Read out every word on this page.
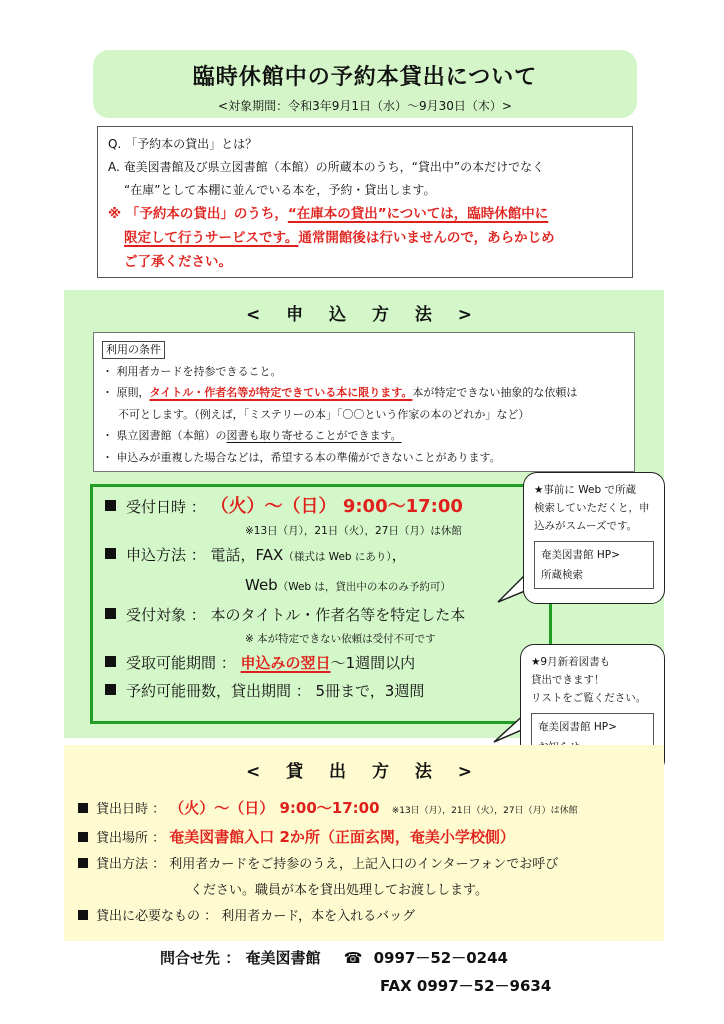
臨時休館中の予約本貸出について
<対象期間：令和3年9月1日（水）～9月30日（木）>
Q. 「予約本の貸出」とは？
A. 奄美図書館及び県立図書館（本館）の所蔵本のうち，“貸出中”の本だけでなく
“在庫”として本棚に並んでいる本を，予約・貸出します。
※ 「予約本の貸出」のうち，“在庫本の貸出”については，臨時休館中に
限定して行うサービスです。通常開館後は行いませんので，あらかじめ
ご了承ください。
< 申 込 方 法 >
利用の条件
・ 利用者カードを持参できること。
・ 原則，タイトル・作者名等が特定できている本に限ります。本が特定できない抽象的な依頼は
不可とします。（例えば，「ミステリーの本」「〇〇という作家の本のどれか」など）
・ 県立図書館（本館）の図書も取り寄せることができます。
・ 申込みが重複した場合などは，希望する本の準備ができないことがあります。
受付日時 ： （火）～（日） 9:00～17:00
※13日（月），21日（火），27日（月）は休館
申込方法 ： 電話，FAX（様式は Web にあり），
Web（Web は，貸出中の本のみ予約可）
受付対象 ： 本のタイトル・作者名等を特定した本
※ 本が特定できない依頼は受付不可です
受取可能期間 ： 申込みの翌日～1週間以内
予約可能冊数，貸出期間 ： 5冊まで，3週間
★事前に Web で所蔵
検索していただくと，申
込みがスムーズです。
奄美図書館 HP>
所蔵検索
★9月新着図書も
貸出できます！
リストをご覧ください。
奄美図書館 HP>
< 貸 出 方 法 >
貸出日時 ： （火）～（日） 9:00～17:00 ※13日（月），21日（火），27日（月）は休館
貸出場所 ： 奄美図書館入口 2か所（正面玄関，奄美小学校側）
貸出方法 ： 利用者カードをご持参のうえ，上記入口のインターフォンでお呼び
ください。職員が本を貸出処理してお渡しします。
貸出に必要なもの ： 利用者カード，本を入れるバッグ
問合せ先 ： 奄美図書館 ☎ 0997－52－0244
FAX 0997－52－9634
